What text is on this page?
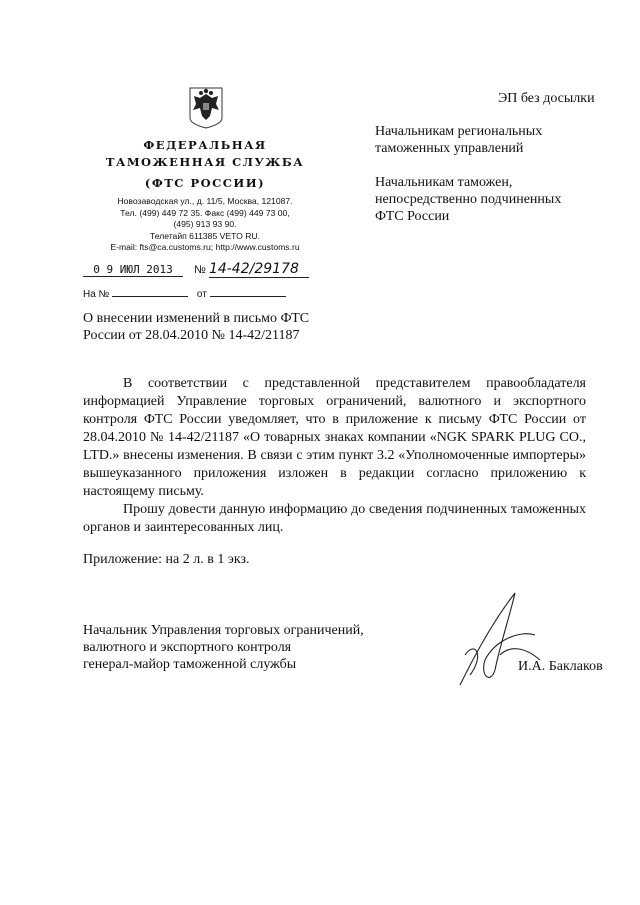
ЭП без досылки
Начальникам региональных
таможенных управлений
Начальникам таможен,
непосредственно подчиненных
ФТС России
ФЕДЕРАЛЬНАЯ
ТАМОЖЕННАЯ СЛУЖБА
(ФТС РОССИИ)
Новозаводская ул., д. 11/5, Москва, 121087.
Тел. (499) 449 72 35. Факс (499) 449 73 00,
(495) 913 93 90.
Телетайп 611385 VETO RU.
E-mail: fts@ca.customs.ru; http://www.customs.ru
0 9 ИЮЛ 2013 № 14-42/29178
На №	от
О внесении изменений в письмо ФТС
России от 28.04.2010 № 14-42/21187
В соответствии с представленной представителем правообладателя информацией Управление торговых ограничений, валютного и экспортного контроля ФТС России уведомляет, что в приложение к письму ФТС России от 28.04.2010 № 14-42/21187 «О товарных знаках компании «NGK SPARK PLUG CO., LTD.» внесены изменения. В связи с этим пункт 3.2 «Уполномоченные импортеры» вышеуказанного приложения изложен в редакции согласно приложению к настоящему письму.
Прошу довести данную информацию до сведения подчиненных таможенных органов и заинтересованных лиц.
Приложение: на 2 л. в 1 экз.
Начальник Управления торговых ограничений,
валютного и экспортного контроля
генерал-майор таможенной службы	И.А. Баклаков
